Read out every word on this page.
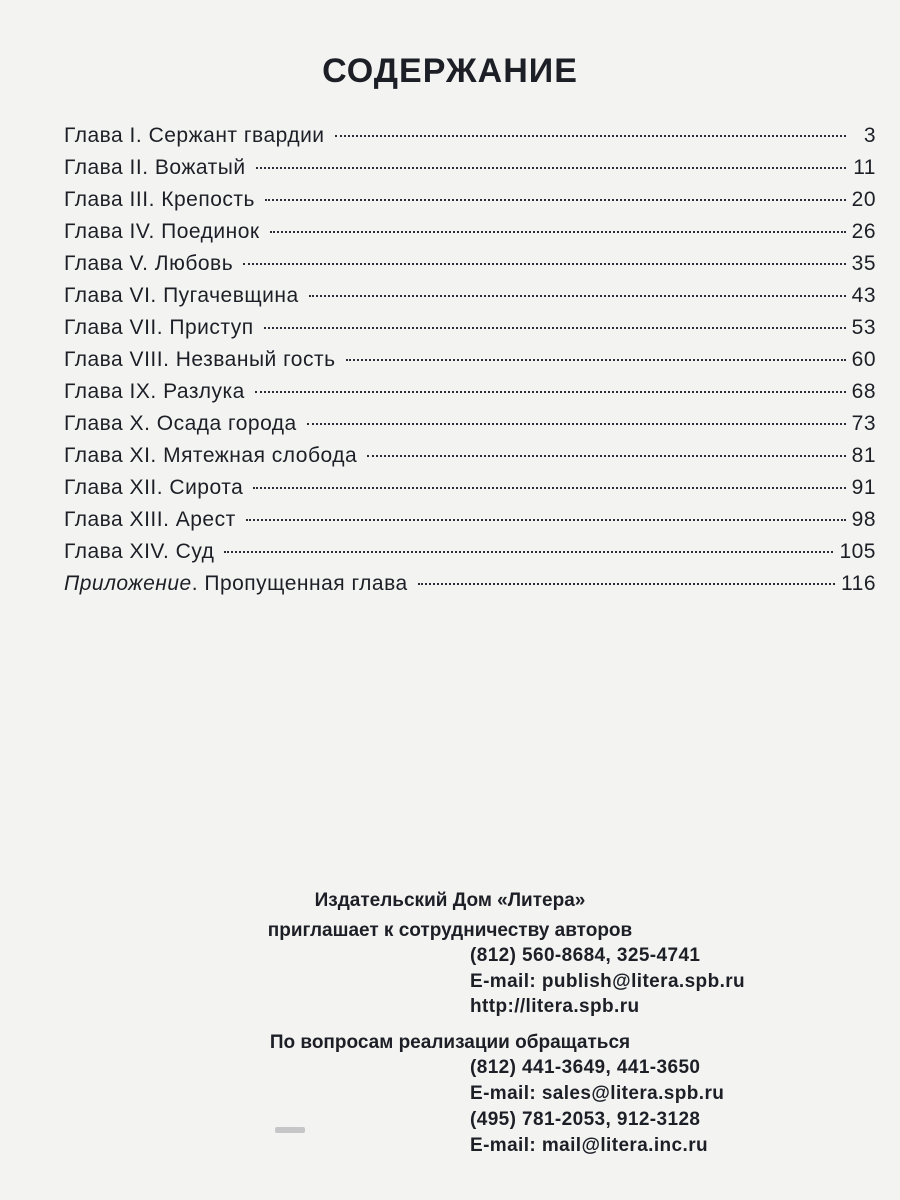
СОДЕРЖАНИЕ
Глава I. Сержант гвардии	3
Глава II. Вожатый	11
Глава III. Крепость	20
Глава IV. Поединок	26
Глава V. Любовь	35
Глава VI. Пугачевщина	43
Глава VII. Приступ	53
Глава VIII. Незваный гость	60
Глава IX. Разлука	68
Глава X. Осада города	73
Глава XI. Мятежная слобода	81
Глава XII. Сирота	91
Глава XIII. Арест	98
Глава XIV. Суд	105
Приложение. Пропущенная глава	116
Издательский Дом «Литера»
приглашает к сотрудничеству авторов
(812) 560-8684, 325-4741
E-mail: publish@litera.spb.ru
http://litera.spb.ru
По вопросам реализации обращаться
(812) 441-3649, 441-3650
E-mail: sales@litera.spb.ru
(495) 781-2053, 912-3128
E-mail: mail@litera.inc.ru
